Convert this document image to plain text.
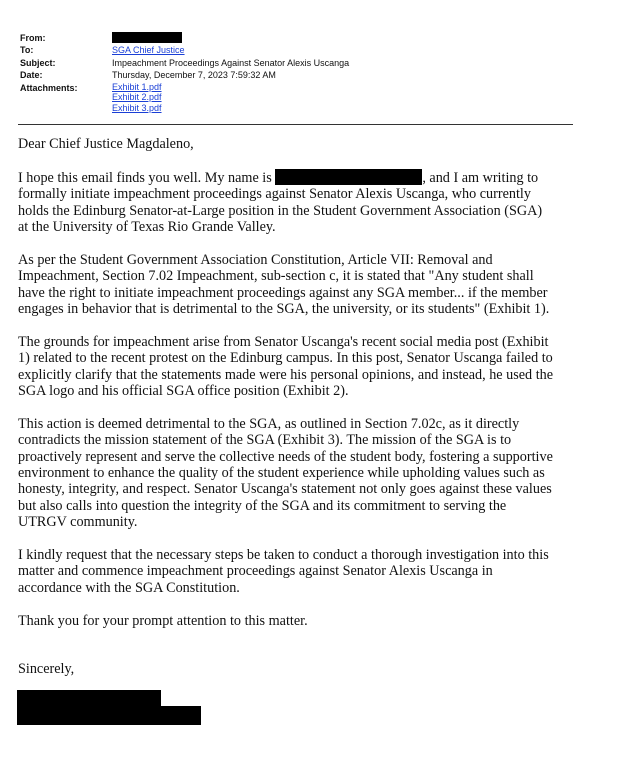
From:
To:	SGA Chief Justice
Subject:	Impeachment Proceedings Against Senator Alexis Uscanga
Date:	Thursday, December 7, 2023 7:59:32 AM
Attachments:	Exhibit 1.pdf
Exhibit 2.pdf
Exhibit 3.pdf

Dear Chief Justice Magdaleno,

I hope this email finds you well. My name is	, and I am writing to
formally initiate impeachment proceedings against Senator Alexis Uscanga, who currently
holds the Edinburg Senator-at-Large position in the Student Government Association (SGA)
at the University of Texas Rio Grande Valley.

As per the Student Government Association Constitution, Article VII: Removal and
Impeachment, Section 7.02 Impeachment, sub-section c, it is stated that "Any student shall
have the right to initiate impeachment proceedings against any SGA member... if the member
engages in behavior that is detrimental to the SGA, the university, or its students" (Exhibit 1).

The grounds for impeachment arise from Senator Uscanga's recent social media post (Exhibit
1) related to the recent protest on the Edinburg campus. In this post, Senator Uscanga failed to
explicitly clarify that the statements made were his personal opinions, and instead, he used the
SGA logo and his official SGA office position (Exhibit 2).

This action is deemed detrimental to the SGA, as outlined in Section 7.02c, as it directly
contradicts the mission statement of the SGA (Exhibit 3). The mission of the SGA is to
proactively represent and serve the collective needs of the student body, fostering a supportive
environment to enhance the quality of the student experience while upholding values such as
honesty, integrity, and respect. Senator Uscanga's statement not only goes against these values
but also calls into question the integrity of the SGA and its commitment to serving the
UTRGV community.

I kindly request that the necessary steps be taken to conduct a thorough investigation into this
matter and commence impeachment proceedings against Senator Alexis Uscanga in
accordance with the SGA Constitution.

Thank you for your prompt attention to this matter.

Sincerely,
